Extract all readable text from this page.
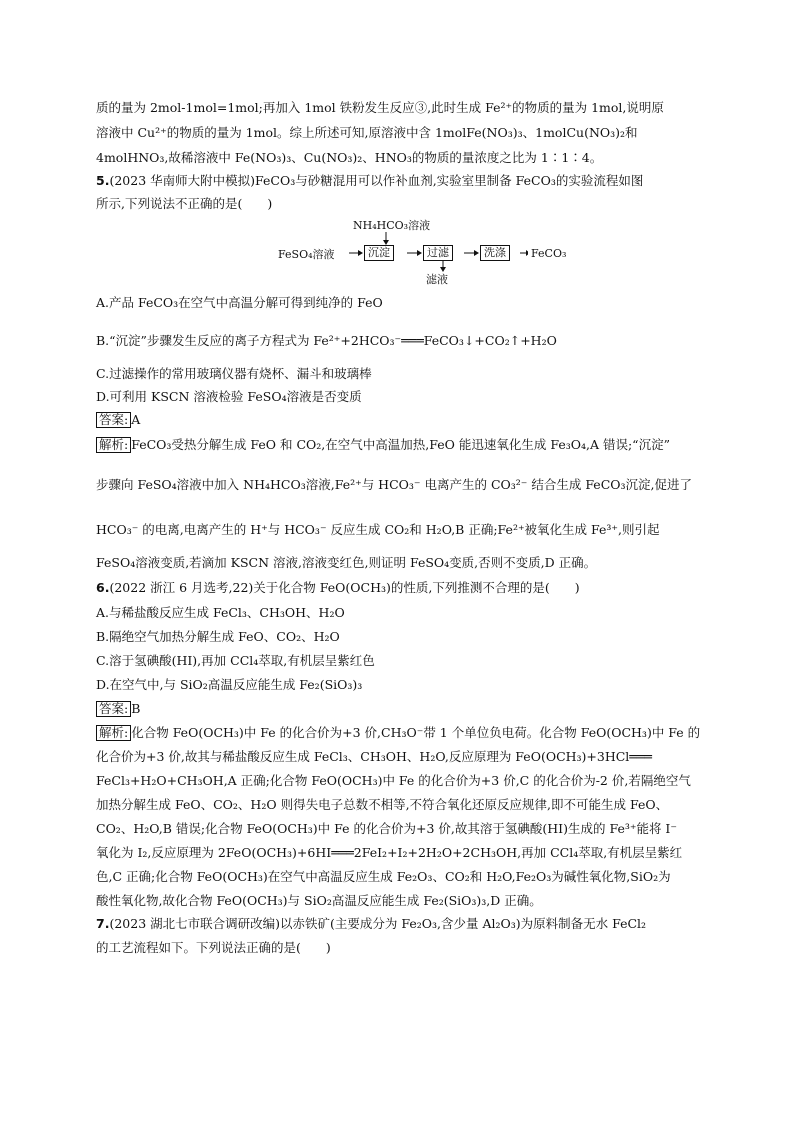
质的量为 2mol-1mol=1mol;再加入 1mol 铁粉发生反应③,此时生成 Fe²⁺的物质的量为 1mol,说明原
溶液中 Cu²⁺的物质的量为 1mol。综上所述可知,原溶液中含 1molFe(NO₃)₃、1molCu(NO₃)₂和
4molHNO₃,故稀溶液中 Fe(NO₃)₃、Cu(NO₃)₂、HNO₃的物质的量浓度之比为 1∶1∶4。
5.(2023 华南师大附中模拟)FeCO₃与砂糖混用可以作补血剂,实验室里制备 FeCO₃的实验流程如图
所示,下列说法不正确的是(　　)
NH₄HCO₃溶液
FeSO₄溶液	沉淀	过滤	洗涤
滤液
FeCO₃
A.产品 FeCO₃在空气中高温分解可得到纯净的 FeO
B.“沉淀”步骤发生反应的离子方程式为 Fe²⁺+2HCO₃⁻═══FeCO₃↓+CO₂↑+H₂O
C.过滤操作的常用玻璃仪器有烧杯、漏斗和玻璃棒
D.可利用 KSCN 溶液检验 FeSO₄溶液是否变质
答案: A
解析: FeCO₃受热分解生成 FeO 和 CO₂,在空气中高温加热,FeO 能迅速氧化生成 Fe₃O₄,A 错误;“沉淀”
步骤向 FeSO₄溶液中加入 NH₄HCO₃溶液,Fe²⁺与 HCO₃⁻ 电离产生的 CO₃²⁻ 结合生成 FeCO₃沉淀,促进了
HCO₃⁻ 的电离,电离产生的 H⁺与 HCO₃⁻ 反应生成 CO₂和 H₂O,B 正确;Fe²⁺被氧化生成 Fe³⁺,则引起
FeSO₄溶液变质,若滴加 KSCN 溶液,溶液变红色,则证明 FeSO₄变质,否则不变质,D 正确。
6.(2022 浙江 6 月选考,22)关于化合物 FeO(OCH₃)的性质,下列推测不合理的是(　　)
A.与稀盐酸反应生成 FeCl₃、CH₃OH、H₂O
B.隔绝空气加热分解生成 FeO、CO₂、H₂O
C.溶于氢碘酸(HI),再加 CCl₄萃取,有机层呈紫红色
D.在空气中,与 SiO₂高温反应能生成 Fe₂(SiO₃)₃
答案: B
解析: 化合物 FeO(OCH₃)中 Fe 的化合价为+3 价,CH₃O⁻带 1 个单位负电荷。化合物 FeO(OCH₃)中 Fe 的
化合价为+3 价,故其与稀盐酸反应生成 FeCl₃、CH₃OH、H₂O,反应原理为 FeO(OCH₃)+3HCl═══
FeCl₃+H₂O+CH₃OH,A 正确;化合物 FeO(OCH₃)中 Fe 的化合价为+3 价,C 的化合价为-2 价,若隔绝空气
加热分解生成 FeO、CO₂、H₂O 则得失电子总数不相等,不符合氧化还原反应规律,即不可能生成 FeO、
CO₂、H₂O,B 错误;化合物 FeO(OCH₃)中 Fe 的化合价为+3 价,故其溶于氢碘酸(HI)生成的 Fe³⁺能将 I⁻
氧化为 I₂,反应原理为 2FeO(OCH₃)+6HI═══2FeI₂+I₂+2H₂O+2CH₃OH,再加 CCl₄萃取,有机层呈紫红
色,C 正确;化合物 FeO(OCH₃)在空气中高温反应生成 Fe₂O₃、CO₂和 H₂O,Fe₂O₃为碱性氧化物,SiO₂为
酸性氧化物,故化合物 FeO(OCH₃)与 SiO₂高温反应能生成 Fe₂(SiO₃)₃,D 正确。
7.(2023 湖北七市联合调研改编)以赤铁矿(主要成分为 Fe₂O₃,含少量 Al₂O₃)为原料制备无水 FeCl₂
的工艺流程如下。下列说法正确的是(　　)
